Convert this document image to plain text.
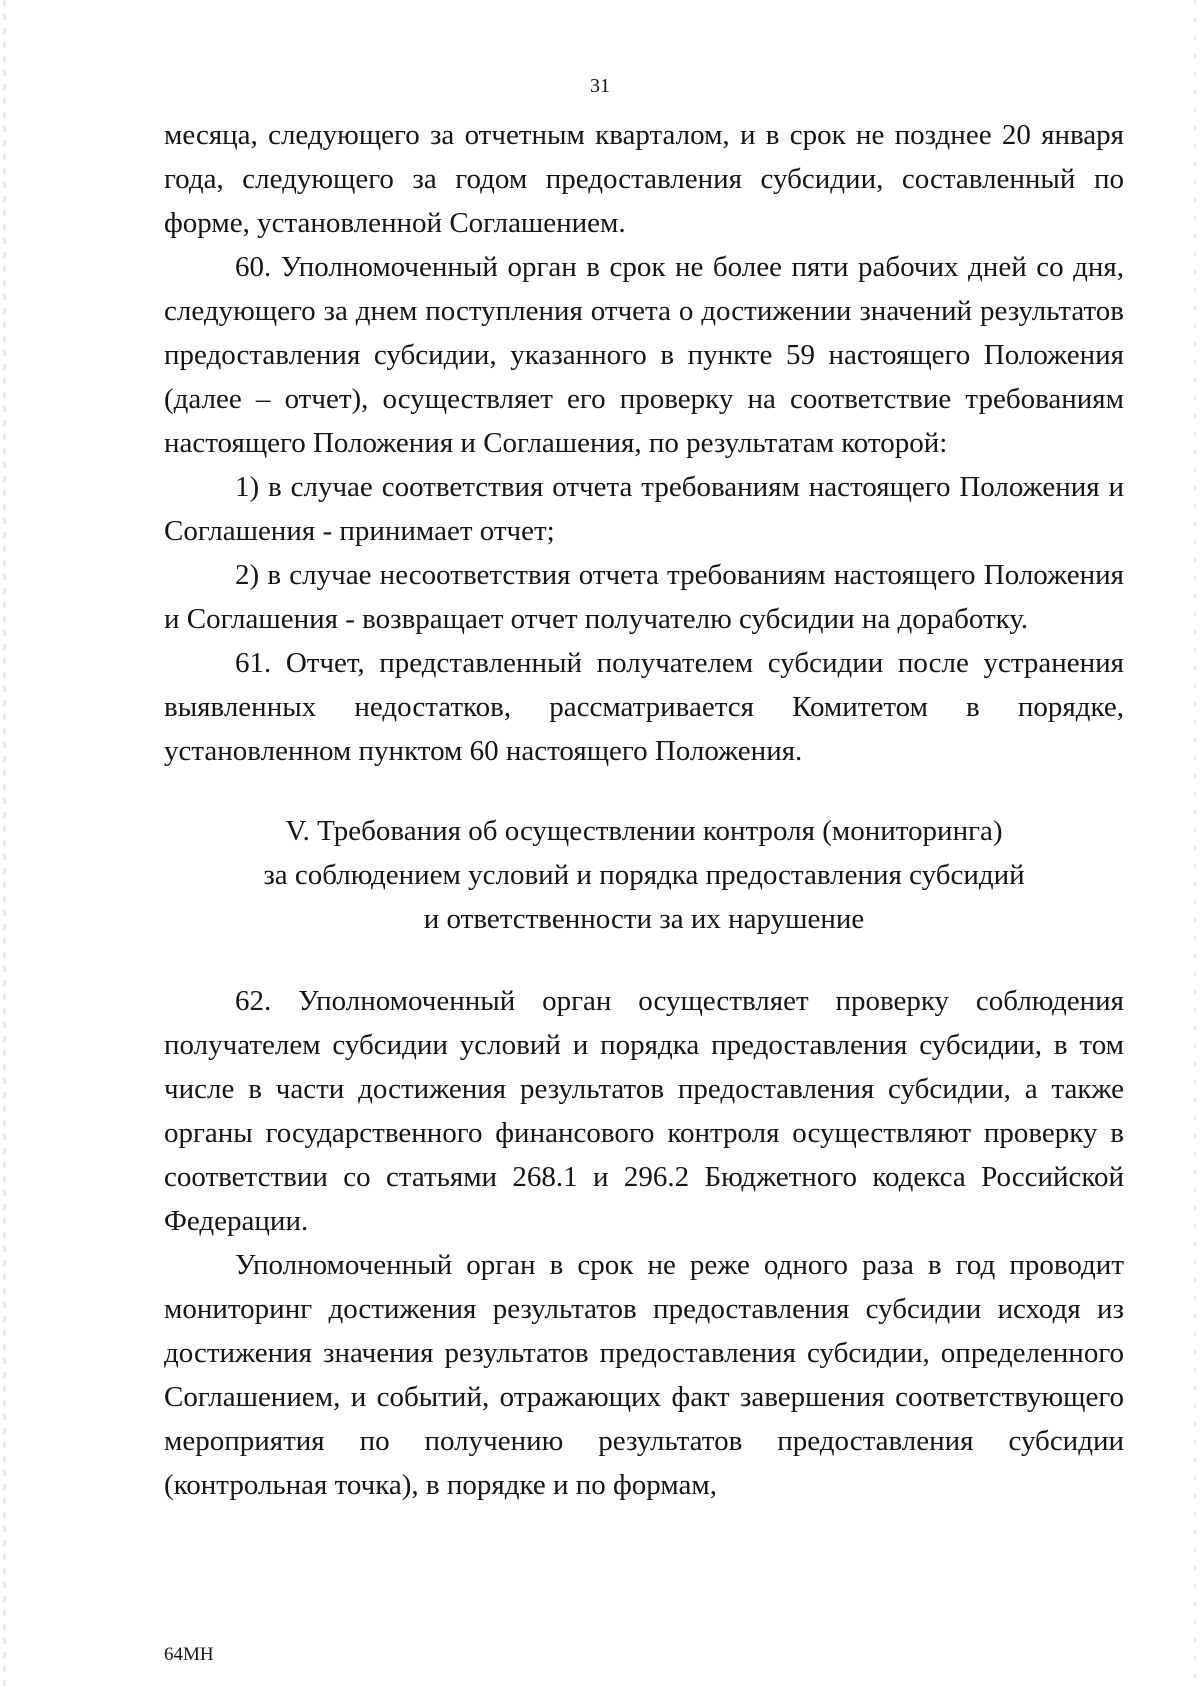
31

месяца, следующего за отчетным кварталом, и в срок не позднее 20 января года, следующего за годом предоставления субсидии, составленный по форме, установленной Соглашением.

60. Уполномоченный орган в срок не более пяти рабочих дней со дня, следующего за днем поступления отчета о достижении значений результатов предоставления субсидии, указанного в пункте 59 настоящего Положения (далее – отчет), осуществляет его проверку на соответствие требованиям настоящего Положения и Соглашения, по результатам которой:

1) в случае соответствия отчета требованиям настоящего Положения и Соглашения - принимает отчет;

2) в случае несоответствия отчета требованиям настоящего Положения и Соглашения - возвращает отчет получателю субсидии на доработку.

61. Отчет, представленный получателем субсидии после устранения выявленных недостатков, рассматривается Комитетом в порядке, установленном пунктом 60 настоящего Положения.

V. Требования об осуществлении контроля (мониторинга)
за соблюдением условий и порядка предоставления субсидий
и ответственности за их нарушение

62. Уполномоченный орган осуществляет проверку соблюдения получателем субсидии условий и порядка предоставления субсидии, в том числе в части достижения результатов предоставления субсидии, а также органы государственного финансового контроля осуществляют проверку в соответствии со статьями 268.1 и 296.2 Бюджетного кодекса Российской Федерации.

Уполномоченный орган в срок не реже одного раза в год проводит мониторинг достижения результатов предоставления субсидии исходя из достижения значения результатов предоставления субсидии, определенного Соглашением, и событий, отражающих факт завершения соответствующего мероприятия по получению результатов предоставления субсидии (контрольная точка), в порядке и по формам,

64МН
